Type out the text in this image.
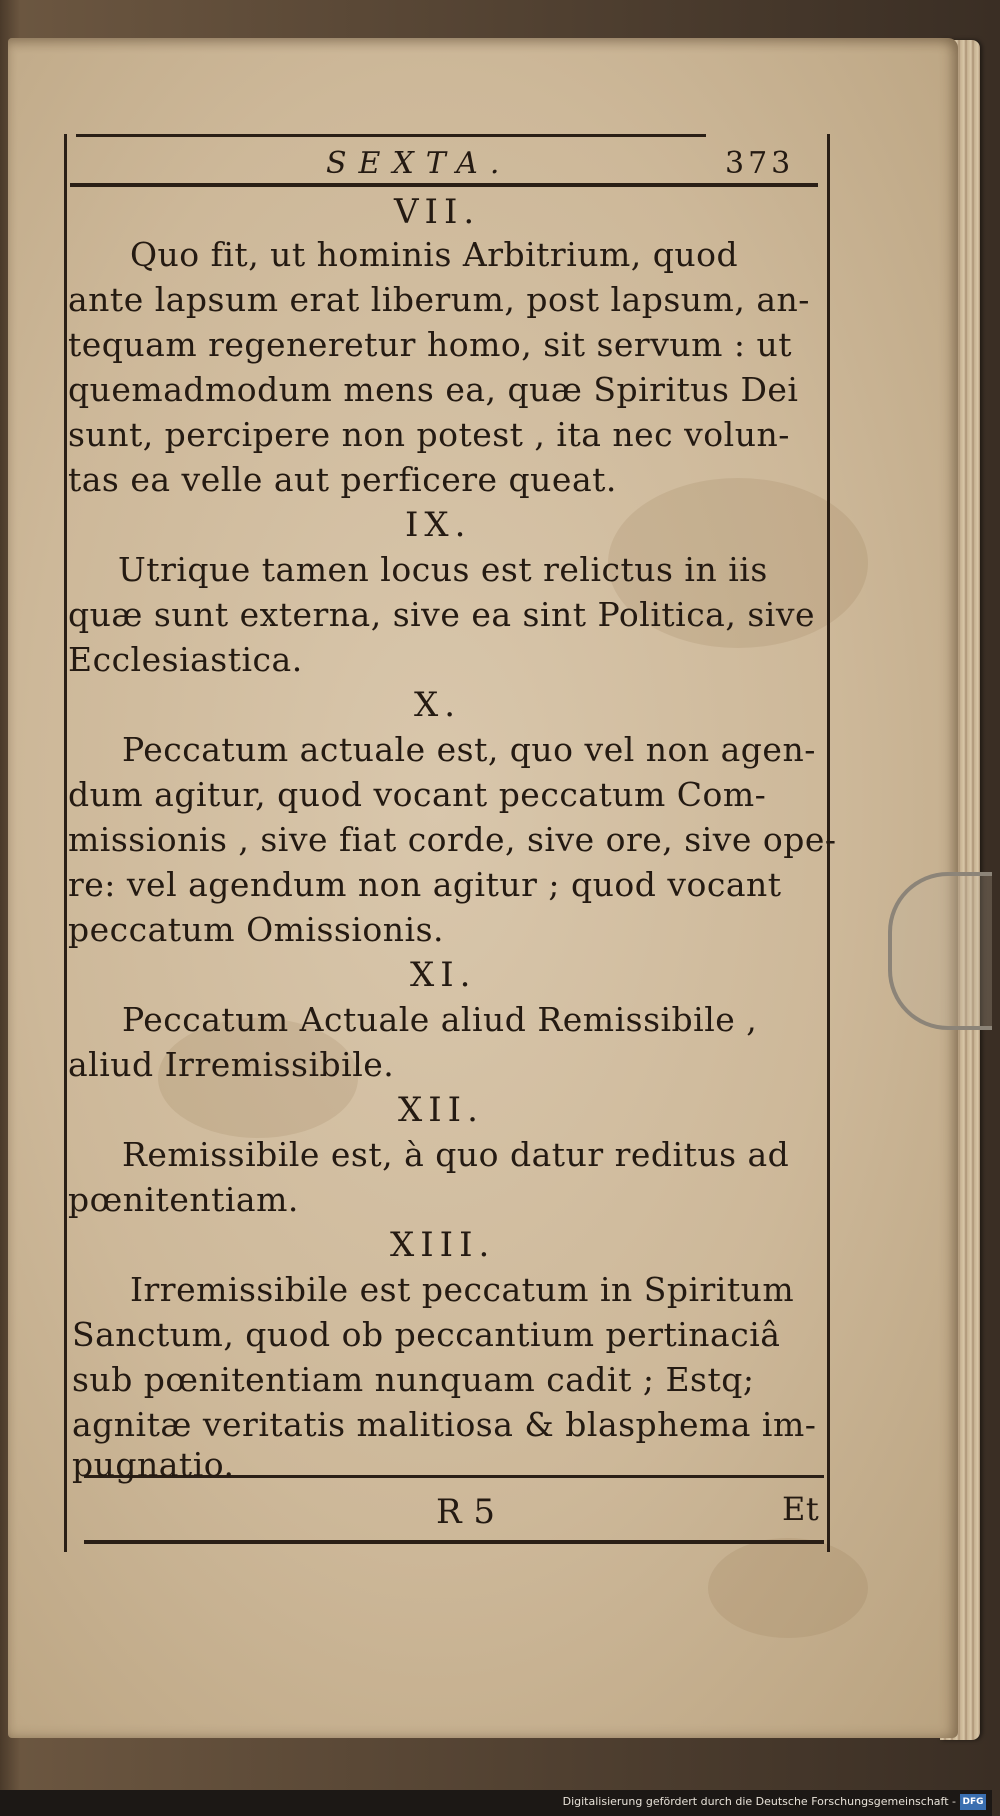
SEXTA.	373
VII.
Quo fit, ut hominis Arbitrium, quod
ante lapsum erat liberum, post lapsum, an-
tequam regeneretur homo, sit servum : ut
quemadmodum mens ea, quæ Spiritus Dei
sunt, percipere non potest , ita nec volun-
tas ea velle aut perficere queat.
IX.
Utrique tamen locus est relictus in iis
quæ sunt externa, sive ea sint Politica, sive
Ecclesiastica.
X.
Peccatum actuale est, quo vel non agen-
dum agitur, quod vocant peccatum Com-
missionis , sive fiat corde, sive ore, sive ope-
re: vel agendum non agitur ; quod vocant
peccatum Omissionis.
XI.
Peccatum Actuale aliud Remissibile ,
aliud Irremissibile.
XII.
Remissibile est, à quo datur reditus ad
pœnitentiam.
XIII.
Irremissibile est peccatum in Spiritum
Sanctum, quod ob peccantium pertinaciâ
sub pœnitentiam nunquam cadit ; Estq;
agnitæ veritatis malitiosa & blasphema im-
pugnatio.
R 5	Et
Digitalisierung gefördert durch die Deutsche Forschungsgemeinschaft - DFG
